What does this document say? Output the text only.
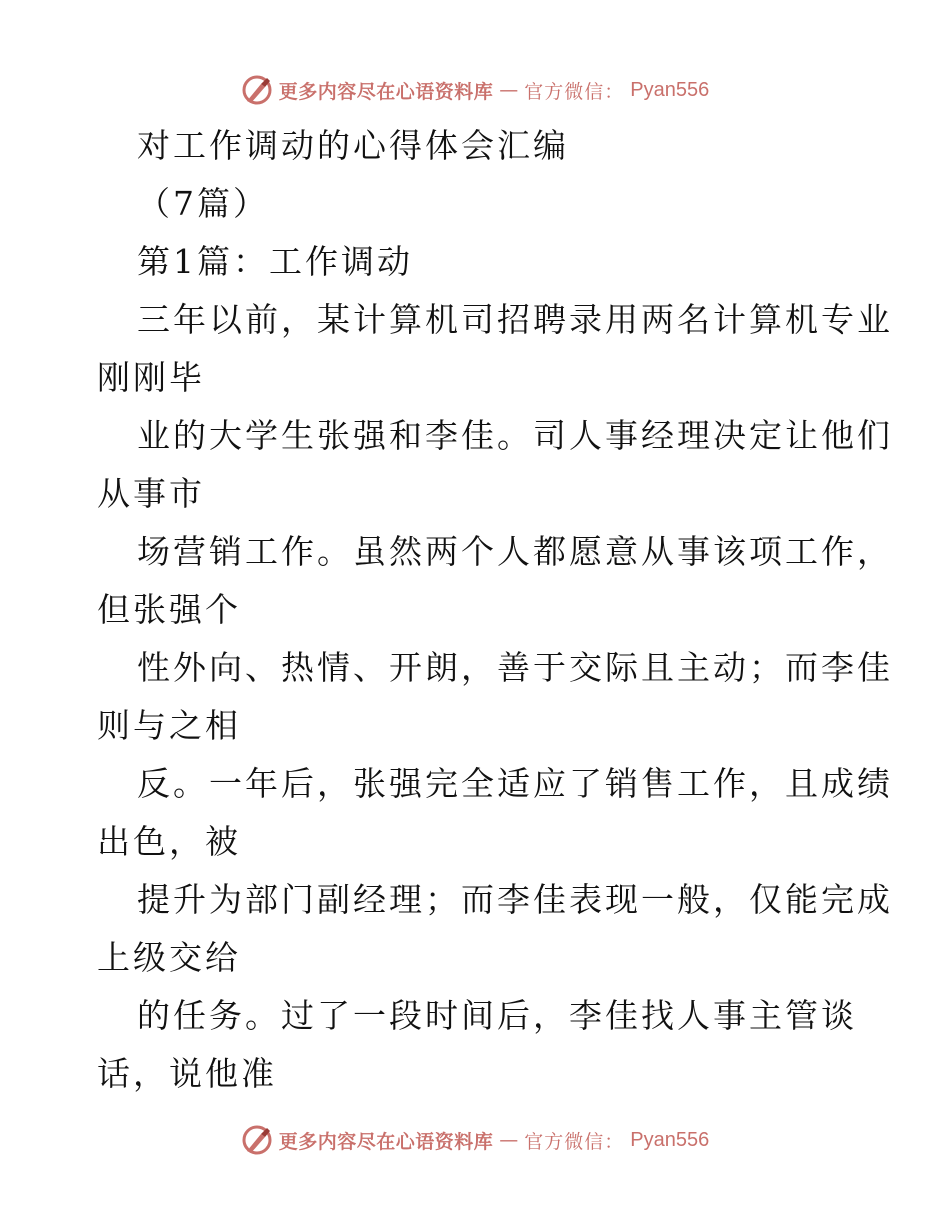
更多内容尽在心语资料库 — 官方微信： Pyan556
对工作调动的心得体会汇编
（7篇）
第1篇：工作调动
三年以前，某计算机司招聘录用两名计算机专业
刚刚毕
业的大学生张强和李佳。司人事经理决定让他们
从事市
场营销工作。虽然两个人都愿意从事该项工作，
但张强个
性外向、热情、开朗，善于交际且主动；而李佳
则与之相
反。一年后，张强完全适应了销售工作，且成绩
出色，被
提升为部门副经理；而李佳表现一般，仅能完成
上级交给
的任务。过了一段时间后，李佳找人事主管谈
话，说他准
更多内容尽在心语资料库 — 官方微信： Pyan556
